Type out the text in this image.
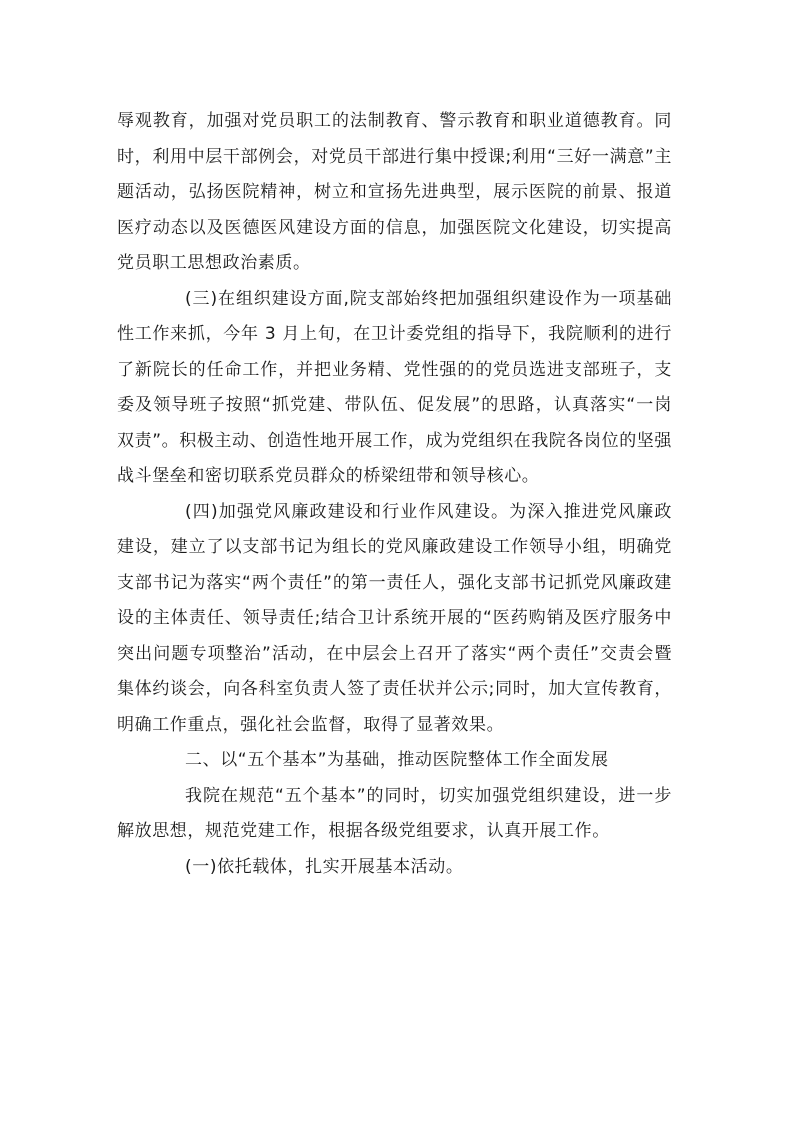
辱观教育，加强对党员职工的法制教育、警示教育和职业道德教育。同时，利用中层干部例会，对党员干部进行集中授课;利用“三好一满意”主题活动，弘扬医院精神，树立和宣扬先进典型，展示医院的前景、报道医疗动态以及医德医风建设方面的信息，加强医院文化建设，切实提高党员职工思想政治素质。

(三)在组织建设方面,院支部始终把加强组织建设作为一项基础性工作来抓，今年 3 月上旬，在卫计委党组的指导下，我院顺利的进行了新院长的任命工作，并把业务精、党性强的的党员选进支部班子，支委及领导班子按照“抓党建、带队伍、促发展”的思路，认真落实“一岗双责”。积极主动、创造性地开展工作，成为党组织在我院各岗位的坚强战斗堡垒和密切联系党员群众的桥梁纽带和领导核心。

(四)加强党风廉政建设和行业作风建设。为深入推进党风廉政建设，建立了以支部书记为组长的党风廉政建设工作领导小组，明确党支部书记为落实“两个责任”的第一责任人，强化支部书记抓党风廉政建设的主体责任、领导责任;结合卫计系统开展的“医药购销及医疗服务中突出问题专项整治”活动，在中层会上召开了落实“两个责任”交责会暨集体约谈会，向各科室负责人签了责任状并公示;同时，加大宣传教育，明确工作重点，强化社会监督，取得了显著效果。

二、以“五个基本”为基础，推动医院整体工作全面发展

我院在规范“五个基本”的同时，切实加强党组织建设，进一步解放思想，规范党建工作，根据各级党组要求，认真开展工作。

(一)依托载体，扎实开展基本活动。
